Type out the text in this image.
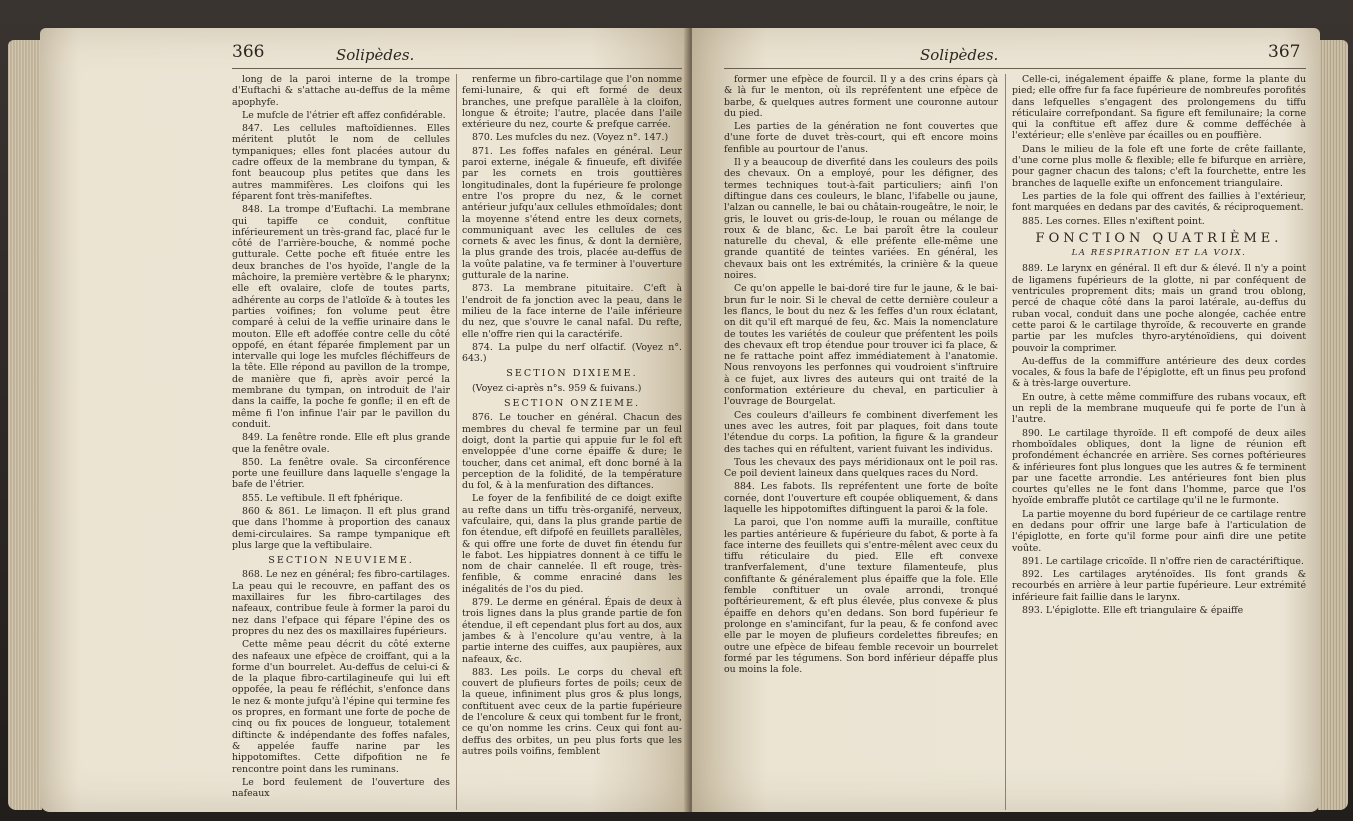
366	Solipèdes.

long de la paroi interne de la trompe d'Euftachi & s'attache au-deffus de la même apophyfe.

Le mufcle de l'étrier eft affez confidérable.

847. Les cellules maftoïdiennes. Elles méritent plutôt le nom de cellules tympaniques; elles font placées autour du cadre offeux de la membrane du tympan, & font beaucoup plus petites que dans les autres mammifères. Les cloifons qui les féparent font très-manifeftes.

848. La trompe d'Euftachi. La membrane qui tapiffe ce conduit, conftitue inférieurement un très-grand fac, placé fur le côté de l'arrière-bouche, & nommé poche gutturale. Cette poche eft fituée entre les deux branches de l'os hyoïde, l'angle de la mâchoire, la première vertèbre & le pharynx; elle eft ovalaire, clofe de toutes parts, adhérente au corps de l'atloïde & à toutes les parties voifines; fon volume peut être comparé à celui de la veffie urinaire dans le mouton. Elle eft adoffée contre celle du côté oppofé, en étant féparée fimplement par un intervalle qui loge les mufcles fléchiffeurs de la tête. Elle répond au pavillon de la trompe, de manière que fi, après avoir percé la membrane du tympan, on introduit de l'air dans la caiffe, la poche fe gonfle; il en eft de même fi l'on infinue l'air par le pavillon du conduit.

849. La fenêtre ronde. Elle eft plus grande que la fenêtre ovale.

850. La fenêtre ovale. Sa circonférence porte une feuillure dans laquelle s'engage la bafe de l'étrier.

855. Le veftibule. Il eft fphérique.

860 & 861. Le limaçon. Il eft plus grand que dans l'homme à proportion des canaux demi-circulaires. Sa rampe tympanique eft plus large que la veftibulaire.

SECTION NEUVIEME.

868. Le nez en général; fes fibro-cartilages. La peau qui le recouvre, en paffant des os maxillaires fur les fibro-cartilages des nafeaux, contribue feule à former la paroi du nez dans l'efpace qui fépare l'épine des os propres du nez des os maxillaires fupérieurs.

Cette même peau décrit du côté externe des nafeaux une efpèce de croiffant, qui a la forme d'un bourrelet. Au-deffus de celui-ci & de la plaque fibro-cartilagineufe qui lui eft oppofée, la peau fe réfléchit, s'enfonce dans le nez & monte jufqu'à l'épine qui termine fes os propres, en formant une forte de poche de cinq ou fix pouces de longueur, totalement diftincte & indépendante des foffes nafales, & appelée fauffe narine par les hippotomiftes. Cette difpofition ne fe rencontre point dans les ruminans.

Le bord feulement de l'ouverture des nafeaux

renferme un fibro-cartilage que l'on nomme femi-lunaire, & qui eft formé de deux branches, une prefque parallèle à la cloifon, longue & étroite; l'autre, placée dans l'aile extérieure du nez, courte & prefque carrée.

870. Les mufcles du nez. (Voyez n°. 147.)

871. Les foffes nafales en général. Leur paroi externe, inégale & finueufe, eft divifée par les cornets en trois gouttières longitudinales, dont la fupérieure fe prolonge entre l'os propre du nez, & le cornet antérieur jufqu'aux cellules ethmoïdales; dont la moyenne s'étend entre les deux cornets, communiquant avec les cellules de ces cornets & avec les finus, & dont la dernière, la plus grande des trois, placée au-deffus de la voûte palatine, va fe terminer à l'ouverture gutturale de la narine.

873. La membrane pituitaire. C'eft à l'endroit de fa jonction avec la peau, dans le milieu de la face interne de l'aile inférieure du nez, que s'ouvre le canal nafal. Du refte, elle n'offre rien qui la caractérife.

874. La pulpe du nerf olfactif. (Voyez n°. 643.)

SECTION DIXIEME.

(Voyez ci-après n°s. 959 & fuivans.)

SECTION ONZIEME.

876. Le toucher en général. Chacun des membres du cheval fe termine par un feul doigt, dont la partie qui appuie fur le fol eft enveloppée d'une corne épaiffe & dure; le toucher, dans cet animal, eft donc borné à la perception de la folidité, de la température du fol, & à la menfuration des diftances.

Le foyer de la fenfibilité de ce doigt exifte au refte dans un tiffu très-organifé, nerveux, vafculaire, qui, dans la plus grande partie de fon étendue, eft difpofé en feuillets parallèles, & qui offre une forte de duvet fin étendu fur le fabot. Les hippiatres donnent à ce tiffu le nom de chair cannelée. Il eft rouge, très-fenfible, & comme enraciné dans les inégalités de l'os du pied.

879. Le derme en général. Épais de deux à trois lignes dans la plus grande partie de fon étendue, il eft cependant plus fort au dos, aux jambes & à l'encolure qu'au ventre, à la partie interne des cuiffes, aux paupières, aux nafeaux, &c.

883. Les poils. Le corps du cheval eft couvert de plufieurs fortes de poils; ceux de la queue, infiniment plus gros & plus longs, conftituent avec ceux de la partie fupérieure de l'encolure & ceux qui tombent fur le front, ce qu'on nomme les crins. Ceux qui font au-deffus des orbites, un peu plus forts que les autres poils voifins, femblent

Solipèdes.	367

former une efpèce de fourcil. Il y a des crins épars çà & là fur le menton, où ils repréfentent une efpèce de barbe, & quelques autres forment une couronne autour du pied.

Les parties de la génération ne font couvertes que d'une forte de duvet très-court, qui eft encore moins fenfible au pourtour de l'anus.

Il y a beaucoup de diverfité dans les couleurs des poils des chevaux. On a employé, pour les défigner, des termes techniques tout-à-fait particuliers; ainfi l'on diftingue dans ces couleurs, le blanc, l'ifabelle ou jaune, l'alzan ou cannelle, le bai ou châtain-rougeâtre, le noir, le gris, le louvet ou gris-de-loup, le rouan ou mélange de roux & de blanc, &c. Le bai paroît être la couleur naturelle du cheval, & elle préfente elle-même une grande quantité de teintes variées. En général, les chevaux bais ont les extrémités, la crinière & la queue noires.

Ce qu'on appelle le bai-doré tire fur le jaune, & le bai-brun fur le noir. Si le cheval de cette dernière couleur a les flancs, le bout du nez & les feffes d'un roux éclatant, on dit qu'il eft marqué de feu, &c. Mais la nomenclature de toutes les variétés de couleur que préfentent les poils des chevaux eft trop étendue pour trouver ici fa place, & ne fe rattache point affez immédiatement à l'anatomie. Nous renvoyons les perfonnes qui voudroient s'inftruire à ce fujet, aux livres des auteurs qui ont traité de la conformation extérieure du cheval, en particulier à l'ouvrage de Bourgelat.

Ces couleurs d'ailleurs fe combinent diverfement les unes avec les autres, foit par plaques, foit dans toute l'étendue du corps. La pofition, la figure & la grandeur des taches qui en réfultent, varient fuivant les individus.

Tous les chevaux des pays méridionaux ont le poil ras. Ce poil devient laineux dans quelques races du Nord.

884. Les fabots. Ils repréfentent une forte de boîte cornée, dont l'ouverture eft coupée obliquement, & dans laquelle les hippotomiftes diftinguent la paroi & la fole.

La paroi, que l'on nomme auffi la muraille, conftitue les parties antérieure & fupérieure du fabot, & porte à fa face interne des feuillets qui s'entre-mêlent avec ceux du tiffu réticulaire du pied. Elle eft convexe tranfverfalement, d'une texture filamenteufe, plus confiftante & généralement plus épaiffe que la fole. Elle femble conftituer un ovale arrondi, tronqué poftérieurement, & eft plus élevée, plus convexe & plus épaiffe en dehors qu'en dedans. Son bord fupérieur fe prolonge en s'amincifant, fur la peau, & fe confond avec elle par le moyen de plufieurs cordelettes fibreufes; en outre une efpèce de bifeau femble recevoir un bourrelet formé par les tégumens. Son bord inférieur dépaffe plus ou moins la fole.

Celle-ci, inégalement épaiffe & plane, forme la plante du pied; elle offre fur fa face fupérieure de nombreufes porofités dans lefquelles s'engagent des prolongemens du tiffu réticulaire correfpondant. Sa figure eft femilunaire; la corne qui la conftitue eft affez dure & comme defféchée à l'extérieur; elle s'enlève par écailles ou en pouffière.

Dans le milieu de la fole eft une forte de crête faillante, d'une corne plus molle & flexible; elle fe bifurque en arrière, pour gagner chacun des talons; c'eft la fourchette, entre les branches de laquelle exifte un enfoncement triangulaire.

Les parties de la fole qui offrent des faillies à l'extérieur, font marquées en dedans par des cavités, & réciproquement.

885. Les cornes. Elles n'exiftent point.

FONCTION QUATRIÈME.

LA RESPIRATION ET LA VOIX.

889. Le larynx en général. Il eft dur & élevé. Il n'y a point de ligamens fupérieurs de la glotte, ni par conféquent de ventricules proprement dits; mais un grand trou oblong, percé de chaque côté dans la paroi latérale, au-deffus du ruban vocal, conduit dans une poche alongée, cachée entre cette paroi & le cartilage thyroïde, & recouverte en grande partie par les mufcles thyro-aryténoïdiens, qui doivent pouvoir la comprimer.

Au-deffus de la commiffure antérieure des deux cordes vocales, & fous la bafe de l'épiglotte, eft un finus peu profond & à très-large ouverture.

En outre, à cette même commiffure des rubans vocaux, eft un repli de la membrane muqueufe qui fe porte de l'un à l'autre.

890. Le cartilage thyroïde. Il eft compofé de deux ailes rhomboïdales obliques, dont la ligne de réunion eft profondément échancrée en arrière. Ses cornes poftérieures & inférieures font plus longues que les autres & fe terminent par une facette arrondie. Les antérieures font bien plus courtes qu'elles ne le font dans l'homme, parce que l'os hyoïde embraffe plutôt ce cartilage qu'il ne le furmonte.

La partie moyenne du bord fupérieur de ce cartilage rentre en dedans pour offrir une large bafe à l'articulation de l'épiglotte, en forte qu'il forme pour ainfi dire une petite voûte.

891. Le cartilage cricoïde. Il n'offre rien de caractériftique.

892. Les cartilages aryténoïdes. Ils font grands & recourbés en arrière à leur partie fupérieure. Leur extrémité inférieure fait faillie dans le larynx.

893. L'épiglotte. Elle eft triangulaire & épaiffe
